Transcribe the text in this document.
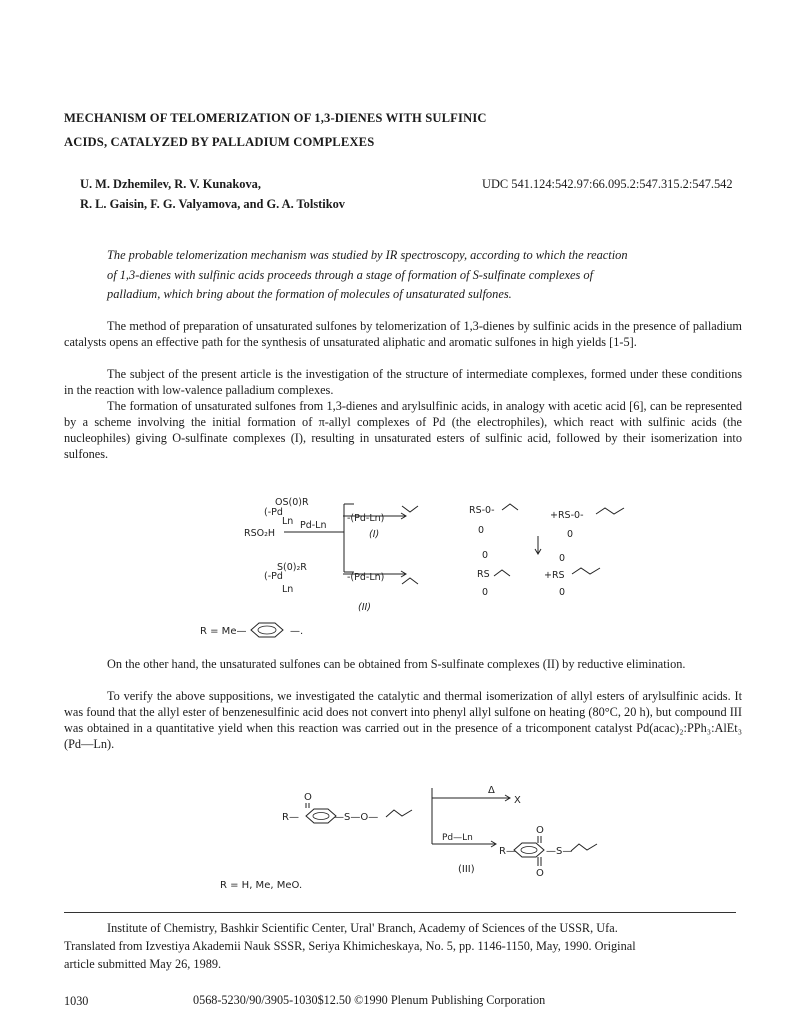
MECHANISM OF TELOMERIZATION OF 1,3-DIENES WITH SULFINIC
ACIDS, CATALYZED BY PALLADIUM COMPLEXES
U. M. Dzhemilev, R. V. Kunakova,
R. L. Gaisin, F. G. Valyamova, and G. A. Tolstikov
UDC 541.124:542.97:66.095.2:547.315.2:547.542
The probable telomerization mechanism was studied by IR spectroscopy, according to which the reaction
of 1,3-dienes with sulfinic acids proceeds through a stage of formation of S-sulfinate complexes of
palladium, which bring about the formation of molecules of unsaturated sulfones.
The method of preparation of unsaturated sulfones by telomerization of 1,3-dienes by sulfinic acids in the presence of palladium catalysts opens an effective path for the synthesis of unsaturated aliphatic and aromatic sulfones in high yields [1-5].
The subject of the present article is the investigation of the structure of intermediate complexes, formed under these conditions in the reaction with low-valence palladium complexes.
The formation of unsaturated sulfones from 1,3-dienes and arylsulfinic acids, in analogy with acetic acid [6], can be represented by a scheme involving the initial formation of π-allyl complexes of Pd (the electrophiles), which react with sulfinic acids (the nucleophiles) giving O-sulfinate complexes (I), resulting in unsaturated esters of sulfinic acid, followed by their isomerization into sulfones.
RSO₂H
Pd-Ln
OS(0)R
(-Pd
Ln
(I)
-(Pd-Ln)
RS-0-
0
+RS-0-
0
S(0)₂R
(-Pd
Ln
(II)
-(Pd-Ln)
0
RS
0
0
+RS
0
R = Me—	—.
On the other hand, the unsaturated sulfones can be obtained from S-sulfinate complexes (II) by reductive elimination.
To verify the above suppositions, we investigated the catalytic and thermal isomerization of allyl esters of arylsulfinic acids. It was found that the allyl ester of benzenesulfinic acid does not convert into phenyl allyl sulfone on heating (80°C, 20 h), but compound III was obtained in a quantitative yield when this reaction was carried out in the presence of a tricomponent catalyst Pd(acac)₂:PPh₃:AlEt₃ (Pd—Ln).
O
R—	—S—O—
Δ
X
Pd—Ln
O
R—	—S—
O
(III)
R = H, Me, MeO.
Institute of Chemistry, Bashkir Scientific Center, Ural' Branch, Academy of Sciences of the USSR, Ufa.
Translated from Izvestiya Akademii Nauk SSSR, Seriya Khimicheskaya, No. 5, pp. 1146-1150, May, 1990. Original
article submitted May 26, 1989.
1030	0568-5230/90/3905-1030$12.50 ©1990 Plenum Publishing Corporation
